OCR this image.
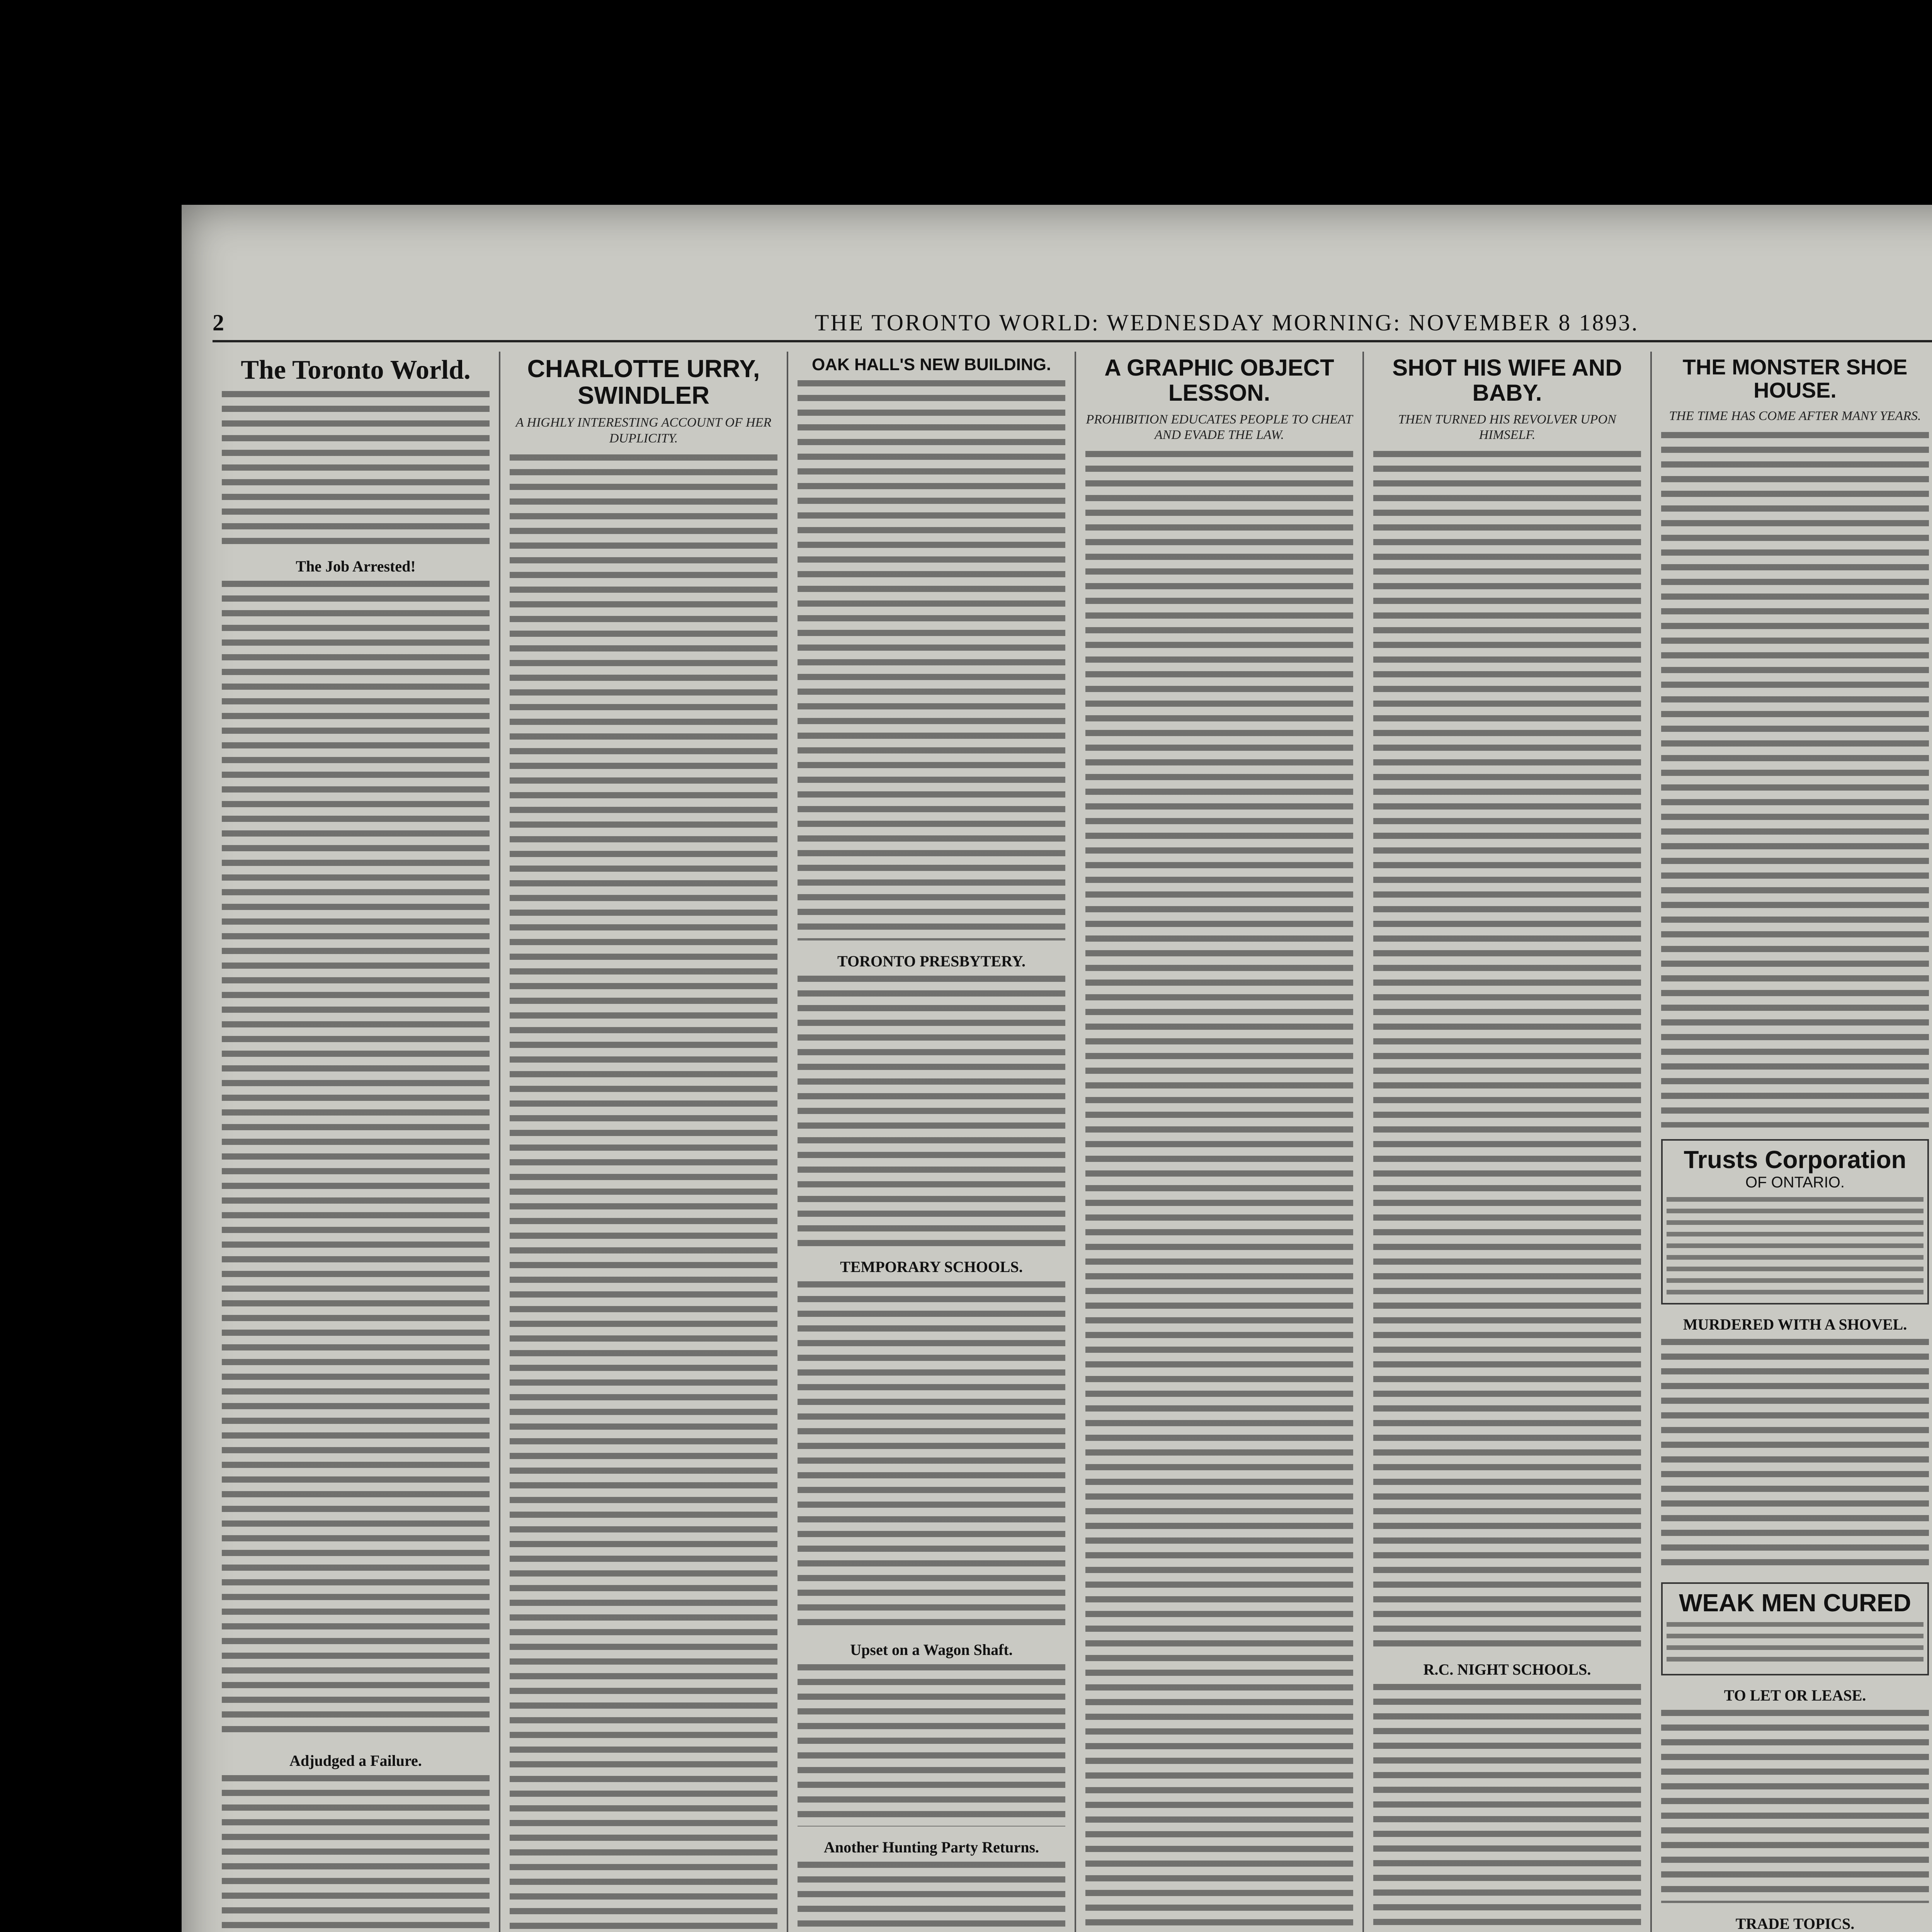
2	THE TORONTO WORLD: WEDNESDAY MORNING: NOVEMBER 8 1893.
The Toronto World.
The Job Arrested!
Adjudged a Failure.
CHARLOTTE URRY, SWINDLER
A HIGHLY INTERESTING ACCOUNT OF HER DUPLICITY.
OAK HALL'S NEW BUILDING.
TORONTO PRESBYTERY.
TEMPORARY SCHOOLS.
Upset on a Wagon Shaft.
Another Hunting Party Returns.
A GRAPHIC OBJECT LESSON.
PROHIBITION EDUCATES PEOPLE TO CHEAT AND EVADE THE LAW.
SHOT HIS WIFE AND BABY.
THEN TURNED HIS REVOLVER UPON HIMSELF.
R.C. NIGHT SCHOOLS.
THE MONSTER SHOE HOUSE.
THE TIME HAS COME AFTER MANY YEARS.
Trusts Corporation
OF ONTARIO.
MURDERED WITH A SHOVEL.
WEAK MEN CURED
TO LET OR LEASE.
TRADE TOPICS.
